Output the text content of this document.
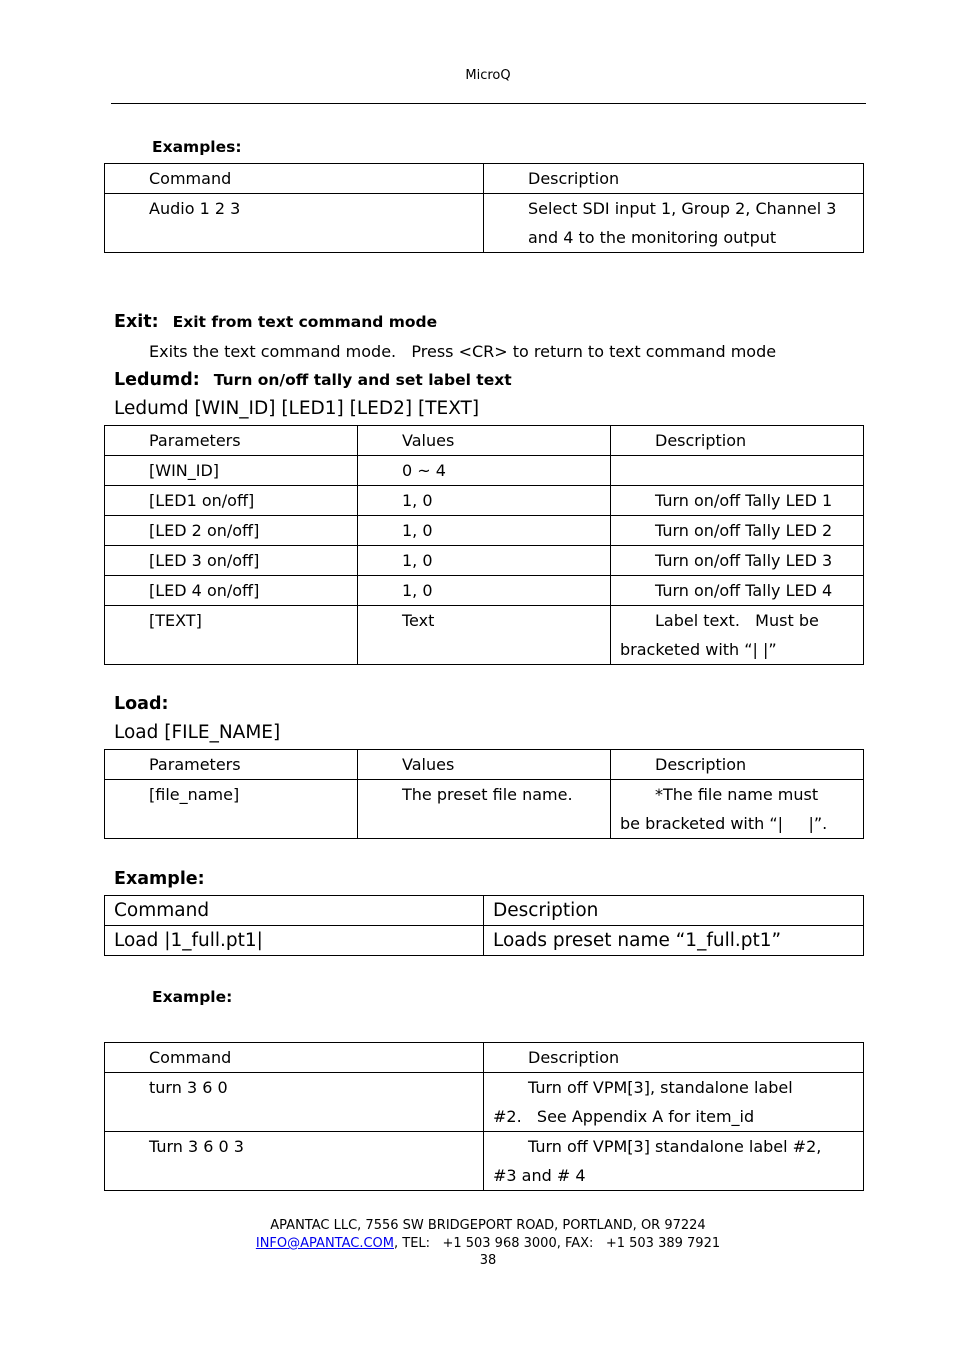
MicroQ
Examples:
Command	Description
Audio 1 2 3	Select SDI input 1, Group 2, Channel 3 and 4 to the monitoring output
Exit: Exit from text command mode
Exits the text command mode.   Press <CR> to return to text command mode
Ledumd: Turn on/off tally and set label text
Ledumd [WIN_ID] [LED1] [LED2] [TEXT]
Parameters	Values	Description
[WIN_ID]	0 ~ 4	
[LED1 on/off]	1, 0	Turn on/off Tally LED 1
[LED 2 on/off]	1, 0	Turn on/off Tally LED 2
[LED 3 on/off]	1, 0	Turn on/off Tally LED 3
[LED 4 on/off]	1, 0	Turn on/off Tally LED 4
[TEXT]	Text	Label text.   Must be
bracketed with “| |”
Load:
Load [FILE_NAME]
Parameters	Values	Description
[file_name]	The preset file name.	*The file name must
be bracketed with “|     |”.
Example:
Command	Description
Load |1_full.pt1|	Loads preset name “1_full.pt1”
Example:
Command	Description
turn 3 6 0	Turn off VPM[3], standalone label
#2.   See Appendix A for item_id

Turn 3 6 0 3	Turn off VPM[3] standalone label #2,
#3 and # 4
APANTAC LLC, 7556 SW BRIDGEPORT ROAD, PORTLAND, OR 97224
INFO@APANTAC.COM, TEL:   +1 503 968 3000, FAX:   +1 503 389 7921
38
